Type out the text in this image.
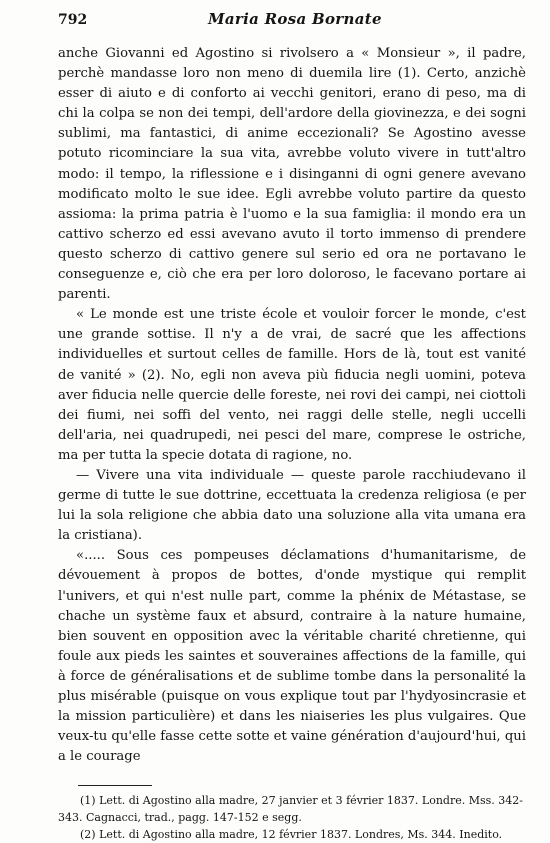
792	Maria Rosa Bornate

anche Giovanni ed Agostino si rivolsero a « Monsieur », il padre, perchè mandasse loro non meno di duemila lire (1). Certo, anzichè esser di aiuto e di conforto ai vecchi genitori, erano di peso, ma di chi la colpa se non dei tempi, dell'ardore della giovinezza, e dei sogni sublimi, ma fantastici, di anime eccezionali? Se Agostino avesse potuto ricominciare la sua vita, avrebbe voluto vivere in tutt'altro modo: il tempo, la riflessione e i disinganni di ogni genere avevano modificato molto le sue idee. Egli avrebbe voluto partire da questo assioma: la prima patria è l'uomo e la sua famiglia: il mondo era un cattivo scherzo ed essi avevano avuto il torto immenso di prendere questo scherzo di cattivo genere sul serio ed ora ne portavano le conseguenze e, ciò che era per loro doloroso, le facevano portare ai parenti.

« Le monde est une triste école et vouloir forcer le monde, c'est une grande sottise. Il n'y a de vrai, de sacré que les affections individuelles et surtout celles de famille. Hors de là, tout est vanité de vanité » (2). No, egli non aveva più fiducia negli uomini, poteva aver fiducia nelle quercie delle foreste, nei rovi dei campi, nei ciottoli dei fiumi, nei soffi del vento, nei raggi delle stelle, negli uccelli dell'aria, nei quadrupedi, nei pesci del mare, comprese le ostriche, ma per tutta la specie dotata di ragione, no.

— Vivere una vita individuale — queste parole racchiudevano il germe di tutte le sue dottrine, eccettuata la credenza religiosa (e per lui la sola religione che abbia dato una soluzione alla vita umana era la cristiana).

«..... Sous ces pompeuses déclamations d'humanitarisme, de dévouement à propos de bottes, d'onde mystique qui remplit l'univers, et qui n'est nulle part, comme la phénix de Métastase, se chache un système faux et absurd, contraire à la nature humaine, bien souvent en opposition avec la véritable charité chretienne, qui foule aux pieds les saintes et souveraines affections de la famille, qui à force de généralisations et de sublime tombe dans la personalité la plus misérable (puisque on vous explique tout par l'hydyosincrasie et la mission particulière) et dans les niaiseries les plus vulgaires. Que veux-tu qu'elle fasse cette sotte et vaine génération d'aujourd'hui, qui a le courage

(1) Lett. di Agostino alla madre, 27 janvier et 3 février 1837. Londre. Mss. 342-343. Cagnacci, trad., pagg. 147-152 e segg.

(2) Lett. di Agostino alla madre, 12 février 1837. Londres, Ms. 344. Inedito.
